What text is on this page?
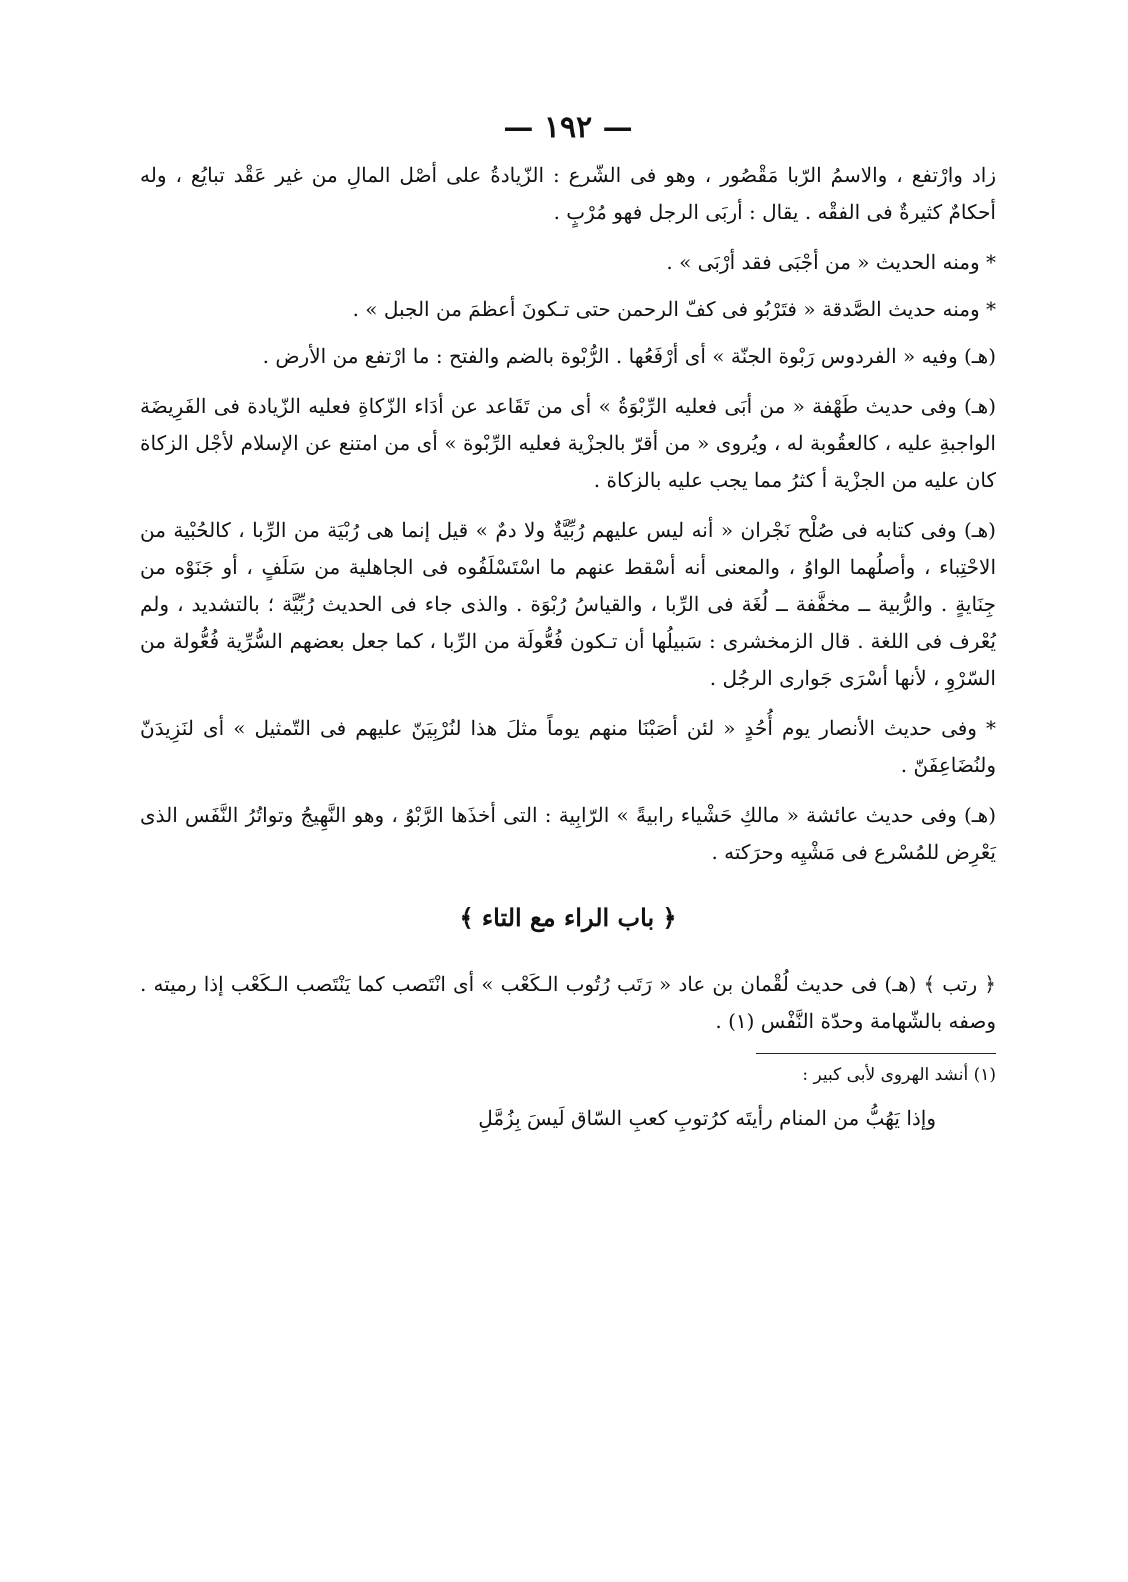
— ١٩٢ —

زاد وارْتفع ، والاسمُ الرّبا مَقْصُور ، وهو فى الشّرع : الزّيادةُ على أصْل المالِ من غير عَقْد تبايُع ، وله أحكامٌ كثيرةٌ فى الفقْه . يقال : أربَى الرجل فهو مُرْبٍ .

* ومنه الحديث « من أجْبَى فقد أرْبَى » .

* ومنه حديث الصَّدقة « فتَرْبُو فى كفّ الرحمن حتى تـكونَ أعظمَ من الجبل » .

(هـ) وفيه « الفردوس رَبْوة الجنّة » أى أرْفَعُها . الرُّبْوة بالضم والفتح : ما ارْتفع من الأرض .

(هـ) وفى حديث طَهْفة « من أبَى فعليه الرِّبْوَةُ » أى من تَقَاعد عن أدَاء الزّكاةِ فعليه الزّيادة فى الفَرِيضَة الواجبةِ عليه ، كالعقُوبة له ، ويُروى « من أقرّ بالجزْية فعليه الرِّبْوة » أى من امتنع عن الإسلام لأجْل الزكاة كان عليه من الجزْية أ كثرُ مما يجب عليه بالزكاة .

(هـ) وفى كتابه فى صُلْح نَجْران « أنه ليس عليهم رُبِّيَّةٌ ولا دمٌ » قيل إنما هى رُبْيَة من الرِّبا ، كالحُبْية من الاحْتِباء ، وأصلُهما الواوُ ، والمعنى أنه أسْقط عنهم ما اسْتَسْلَفُوه فى الجاهلية من سَلَفٍ ، أو جَنَوْه من جِنَايةٍ . والرُّبية ــ مخفَّفة ــ لُغَة فى الرِّبا ، والقياسُ رُبْوَة . والذى جاء فى الحديث رُبِّيَّة ؛ بالتشديد ، ولم يُعْرف فى اللغة . قال الزمخشرى : سَبيلُها أن تـكون فُعُّولَة من الرِّبا ، كما جعل بعضهم السُّرِّية فُعُّولة من السّرْوِ ، لأنها أسْرَى جَوارى الرجُل .

* وفى حديث الأنصار يوم أُحُدٍ « لئن أصَبْنَا منهم يوماً مثلَ هذا لنُرْبِيَنّ عليهم فى التّمثيل » أى لنَزِيدَنّ ولنُضَاعِفَنّ .

(هـ) وفى حديث عائشة « مالكِ حَشْياء رابيةً » الرّابِية : التى أخذَها الرَّبْوُ ، وهو النَّهِيجُ وتواتُرُ النَّفَس الذى يَعْرِض للمُسْرع فى مَشْيِه وحرَكته .

﴿ باب الراء مع التاء ﴾

﴿ رتب ﴾ (هـ) فى حديث لُقْمان بن عاد « رَتَب رُتُوب الـكَعْب » أى انْتَصب كما يَنْتَصب الـكَعْب إذا رميته . وصفه بالشّهامة وحدّة النَّفْس (١) .

(١) أنشد الهروى لأبى كبير :

وإذا يَهُبُّ من المنام رأيتَه كرُتوبِ كعبِ السّاق لَيسَ بِزُمَّلِ
